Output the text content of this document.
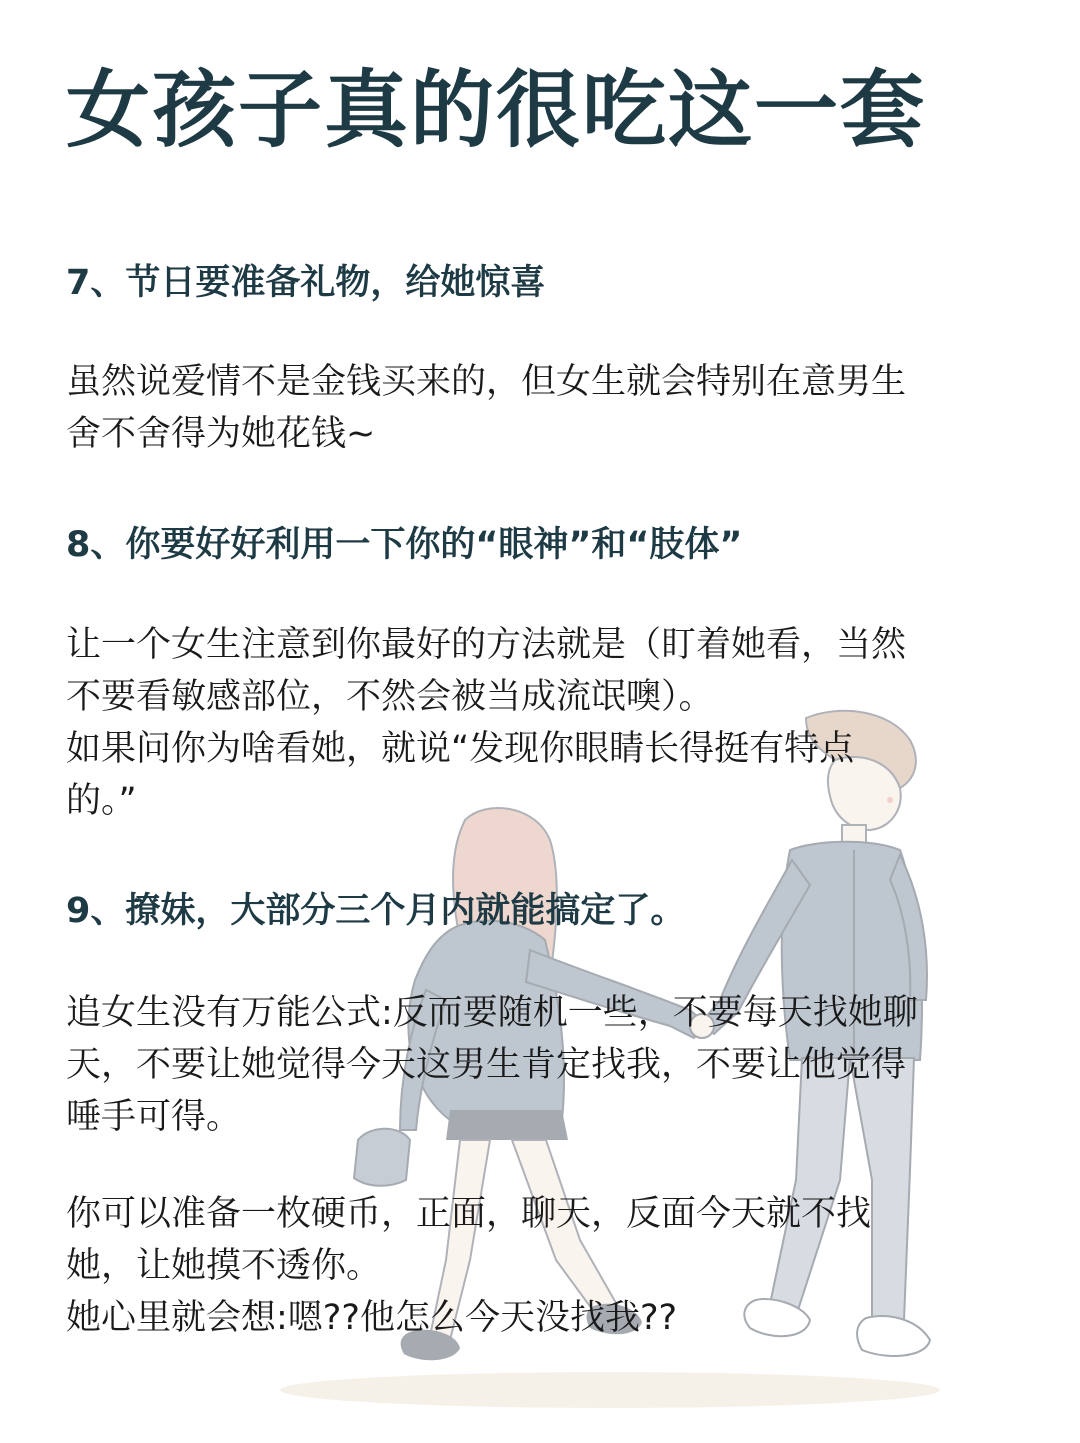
女孩子真的很吃这一套
7、节日要准备礼物，给她惊喜

虽然说爱情不是金钱买来的，但女生就会特别在意男生
舍不舍得为她花钱~

8、你要好好利用一下你的“眼神”和“肢体”

让一个女生注意到你最好的方法就是（盯着她看，当然
不要看敏感部位，不然会被当成流氓噢）。
如果问你为啥看她，就说“发现你眼睛长得挺有特点
的。”

9、撩妹，大部分三个月内就能搞定了。

追女生没有万能公式:反而要随机一些，不要每天找她聊
天，不要让她觉得今天这男生肯定找我，不要让他觉得
唾手可得。

你可以准备一枚硬币，正面，聊天，反面今天就不找
她，让她摸不透你。
她心里就会想:嗯??他怎么今天没找我??
